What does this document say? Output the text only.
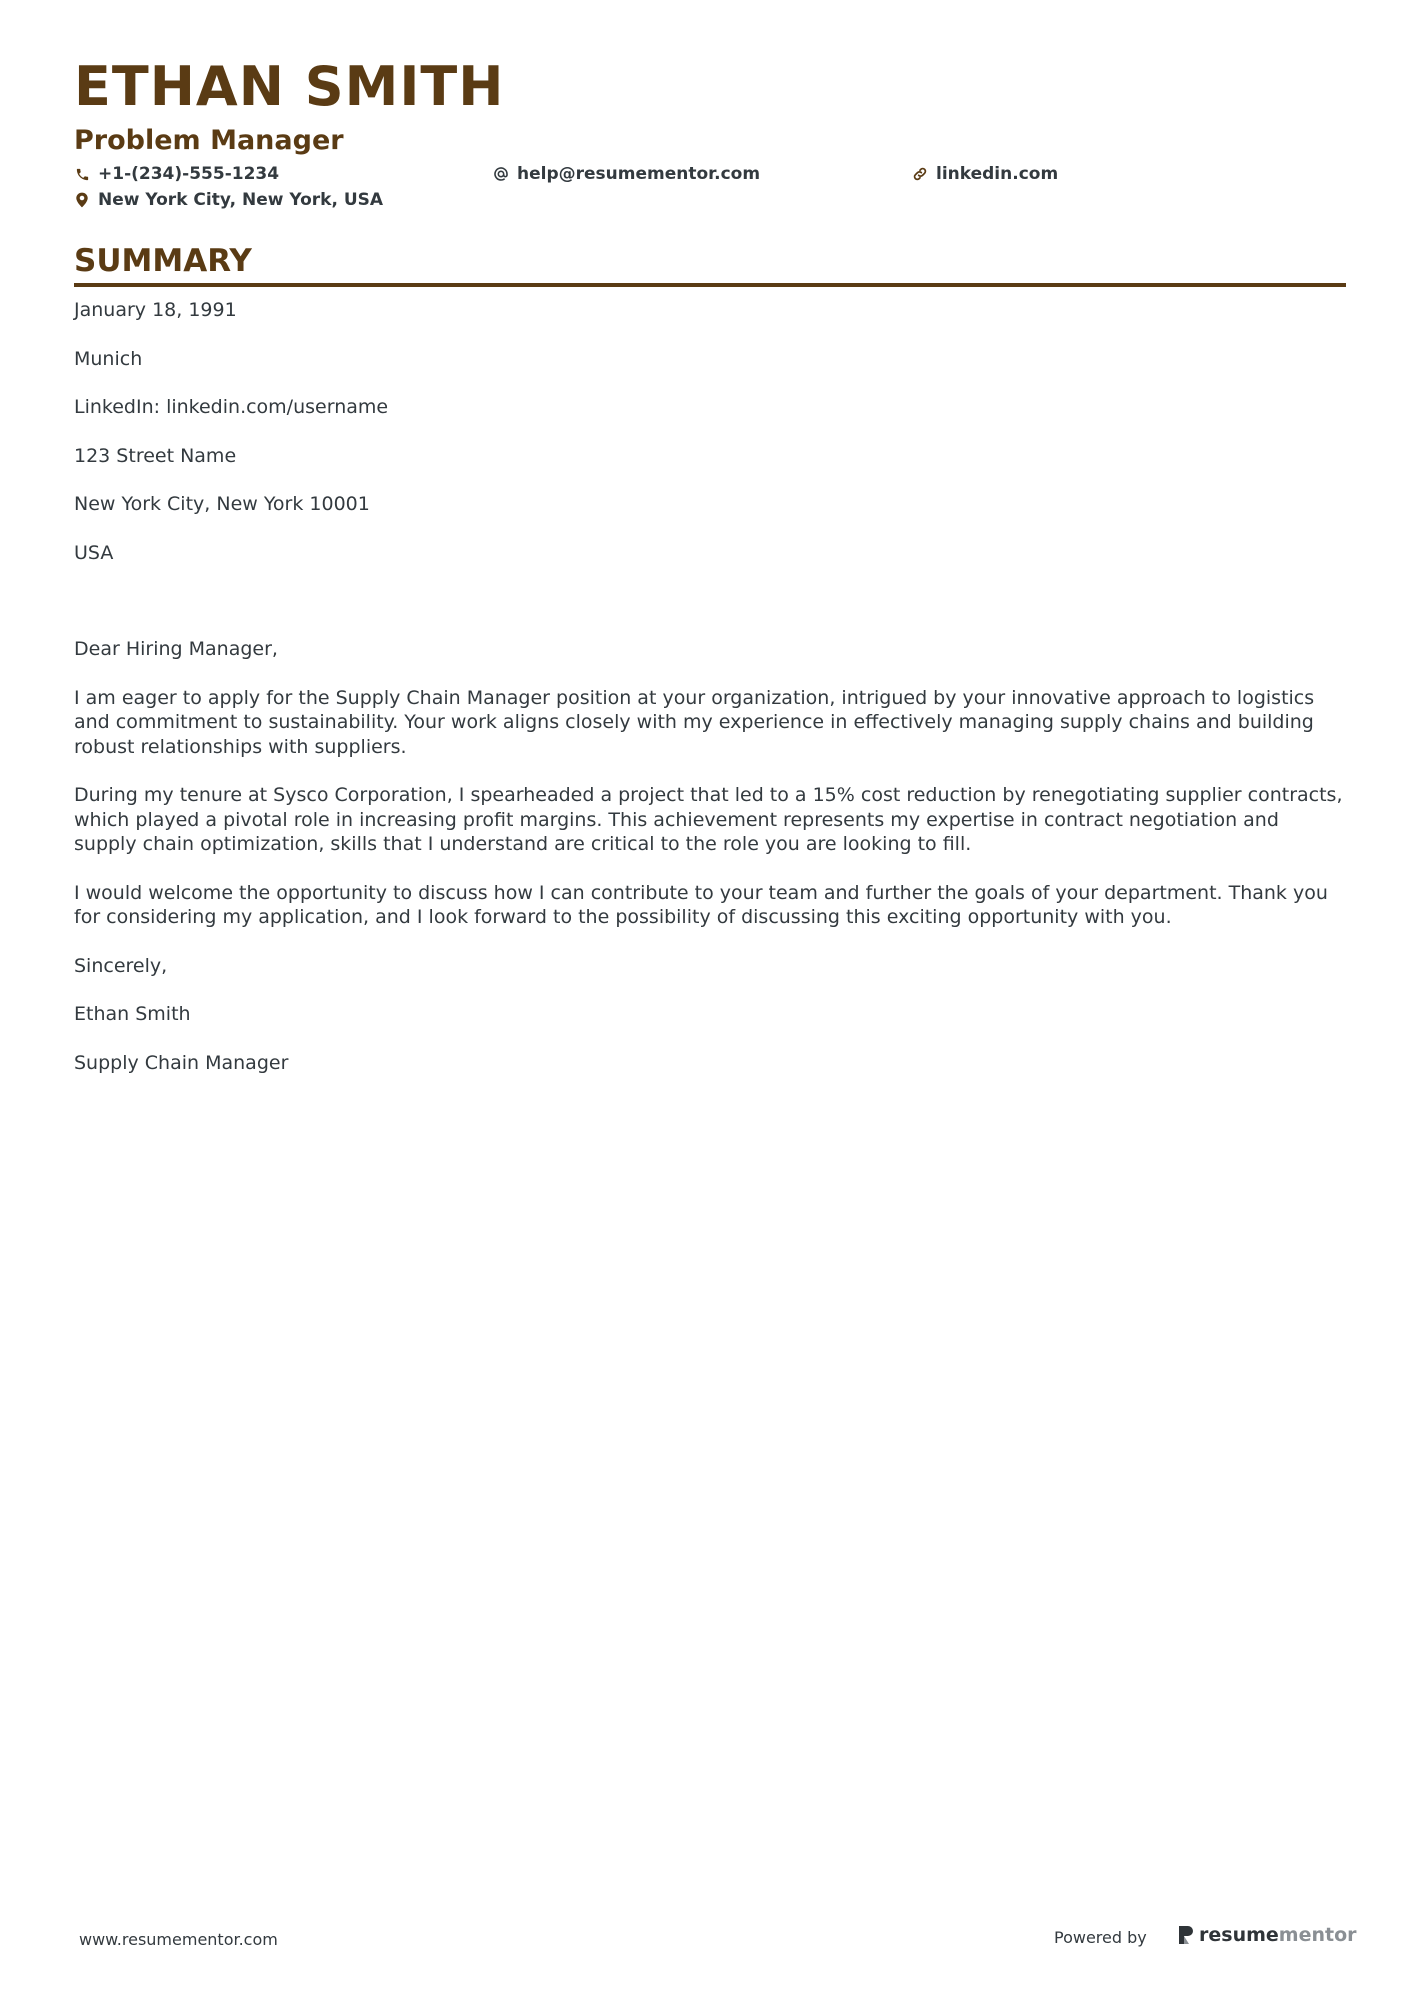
ETHAN SMITH
Problem Manager
+1-(234)-555-1234	help@resumementor.com	linkedin.com
New York City, New York, USA
SUMMARY

January 18, 1991

Munich

LinkedIn: linkedin.com/username

123 Street Name

New York City, New York 10001

USA

Dear Hiring Manager,

I am eager to apply for the Supply Chain Manager position at your organization, intrigued by your innovative approach to logistics and commitment to sustainability. Your work aligns closely with my experience in effectively managing supply chains and building robust relationships with suppliers.

During my tenure at Sysco Corporation, I spearheaded a project that led to a 15% cost reduction by renegotiating supplier contracts, which played a pivotal role in increasing profit margins. This achievement represents my expertise in contract negotiation and supply chain optimization, skills that I understand are critical to the role you are looking to fill.

I would welcome the opportunity to discuss how I can contribute to your team and further the goals of your department. Thank you for considering my application, and I look forward to the possibility of discussing this exciting opportunity with you.

Sincerely,

Ethan Smith

Supply Chain Manager

www.resumementor.com	Powered by	resume mentor
